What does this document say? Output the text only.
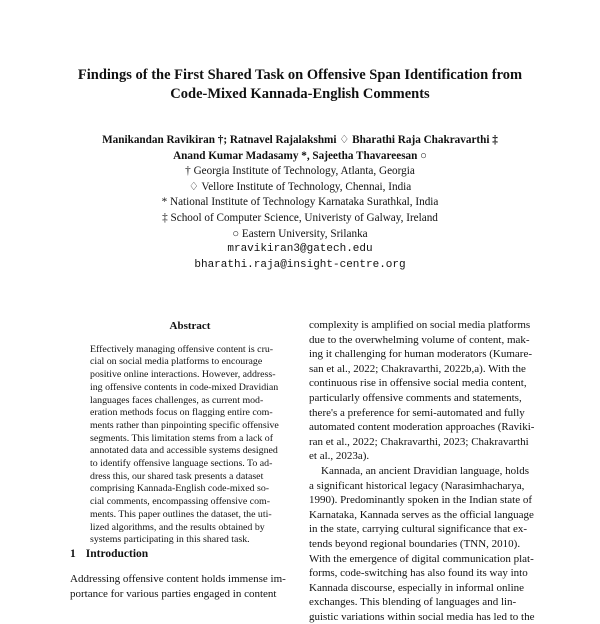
Findings of the First Shared Task on Offensive Span Identification from
Code-Mixed Kannada-English Comments
Manikandan Ravikiran †; Ratnavel Rajalakshmi ♢ Bharathi Raja Chakravarthi ‡
Anand Kumar Madasamy *, Sajeetha Thavareesan ○
† Georgia Institute of Technology, Atlanta, Georgia
♢ Vellore Institute of Technology, Chennai, India
* National Institute of Technology Karnataka Surathkal, India
‡ School of Computer Science, Univeristy of Galway, Ireland
○ Eastern University, Srilanka
mravikiran3@gatech.edu
bharathi.raja@insight-centre.org
Abstract
Effectively managing offensive content is cru-
cial on social media platforms to encourage
positive online interactions. However, address-
ing offensive contents in code-mixed Dravidian
languages faces challenges, as current mod-
eration methods focus on flagging entire com-
ments rather than pinpointing specific offensive
segments. This limitation stems from a lack of
annotated data and accessible systems designed
to identify offensive language sections. To ad-
dress this, our shared task presents a dataset
comprising Kannada-English code-mixed so-
cial comments, encompassing offensive com-
ments. This paper outlines the dataset, the uti-
lized algorithms, and the results obtained by
systems participating in this shared task.
1 Introduction
Addressing offensive content holds immense im-
portance for various parties engaged in content
complexity is amplified on social media platforms
due to the overwhelming volume of content, mak-
ing it challenging for human moderators (Kumare-
san et al., 2022; Chakravarthi, 2022b,a). With the
continuous rise in offensive social media content,
particularly offensive comments and statements,
there's a preference for semi-automated and fully
automated content moderation approaches (Raviki-
ran et al., 2022; Chakravarthi, 2023; Chakravarthi
et al., 2023a).
Kannada, an ancient Dravidian language, holds
a significant historical legacy (Narasimhacharya,
1990). Predominantly spoken in the Indian state of
Karnataka, Kannada serves as the official language
in the state, carrying cultural significance that ex-
tends beyond regional boundaries (TNN, 2010).
With the emergence of digital communication plat-
forms, code-switching has also found its way into
Kannada discourse, especially in informal online
exchanges. This blending of languages and lin-
guistic variations within social media has led to the
